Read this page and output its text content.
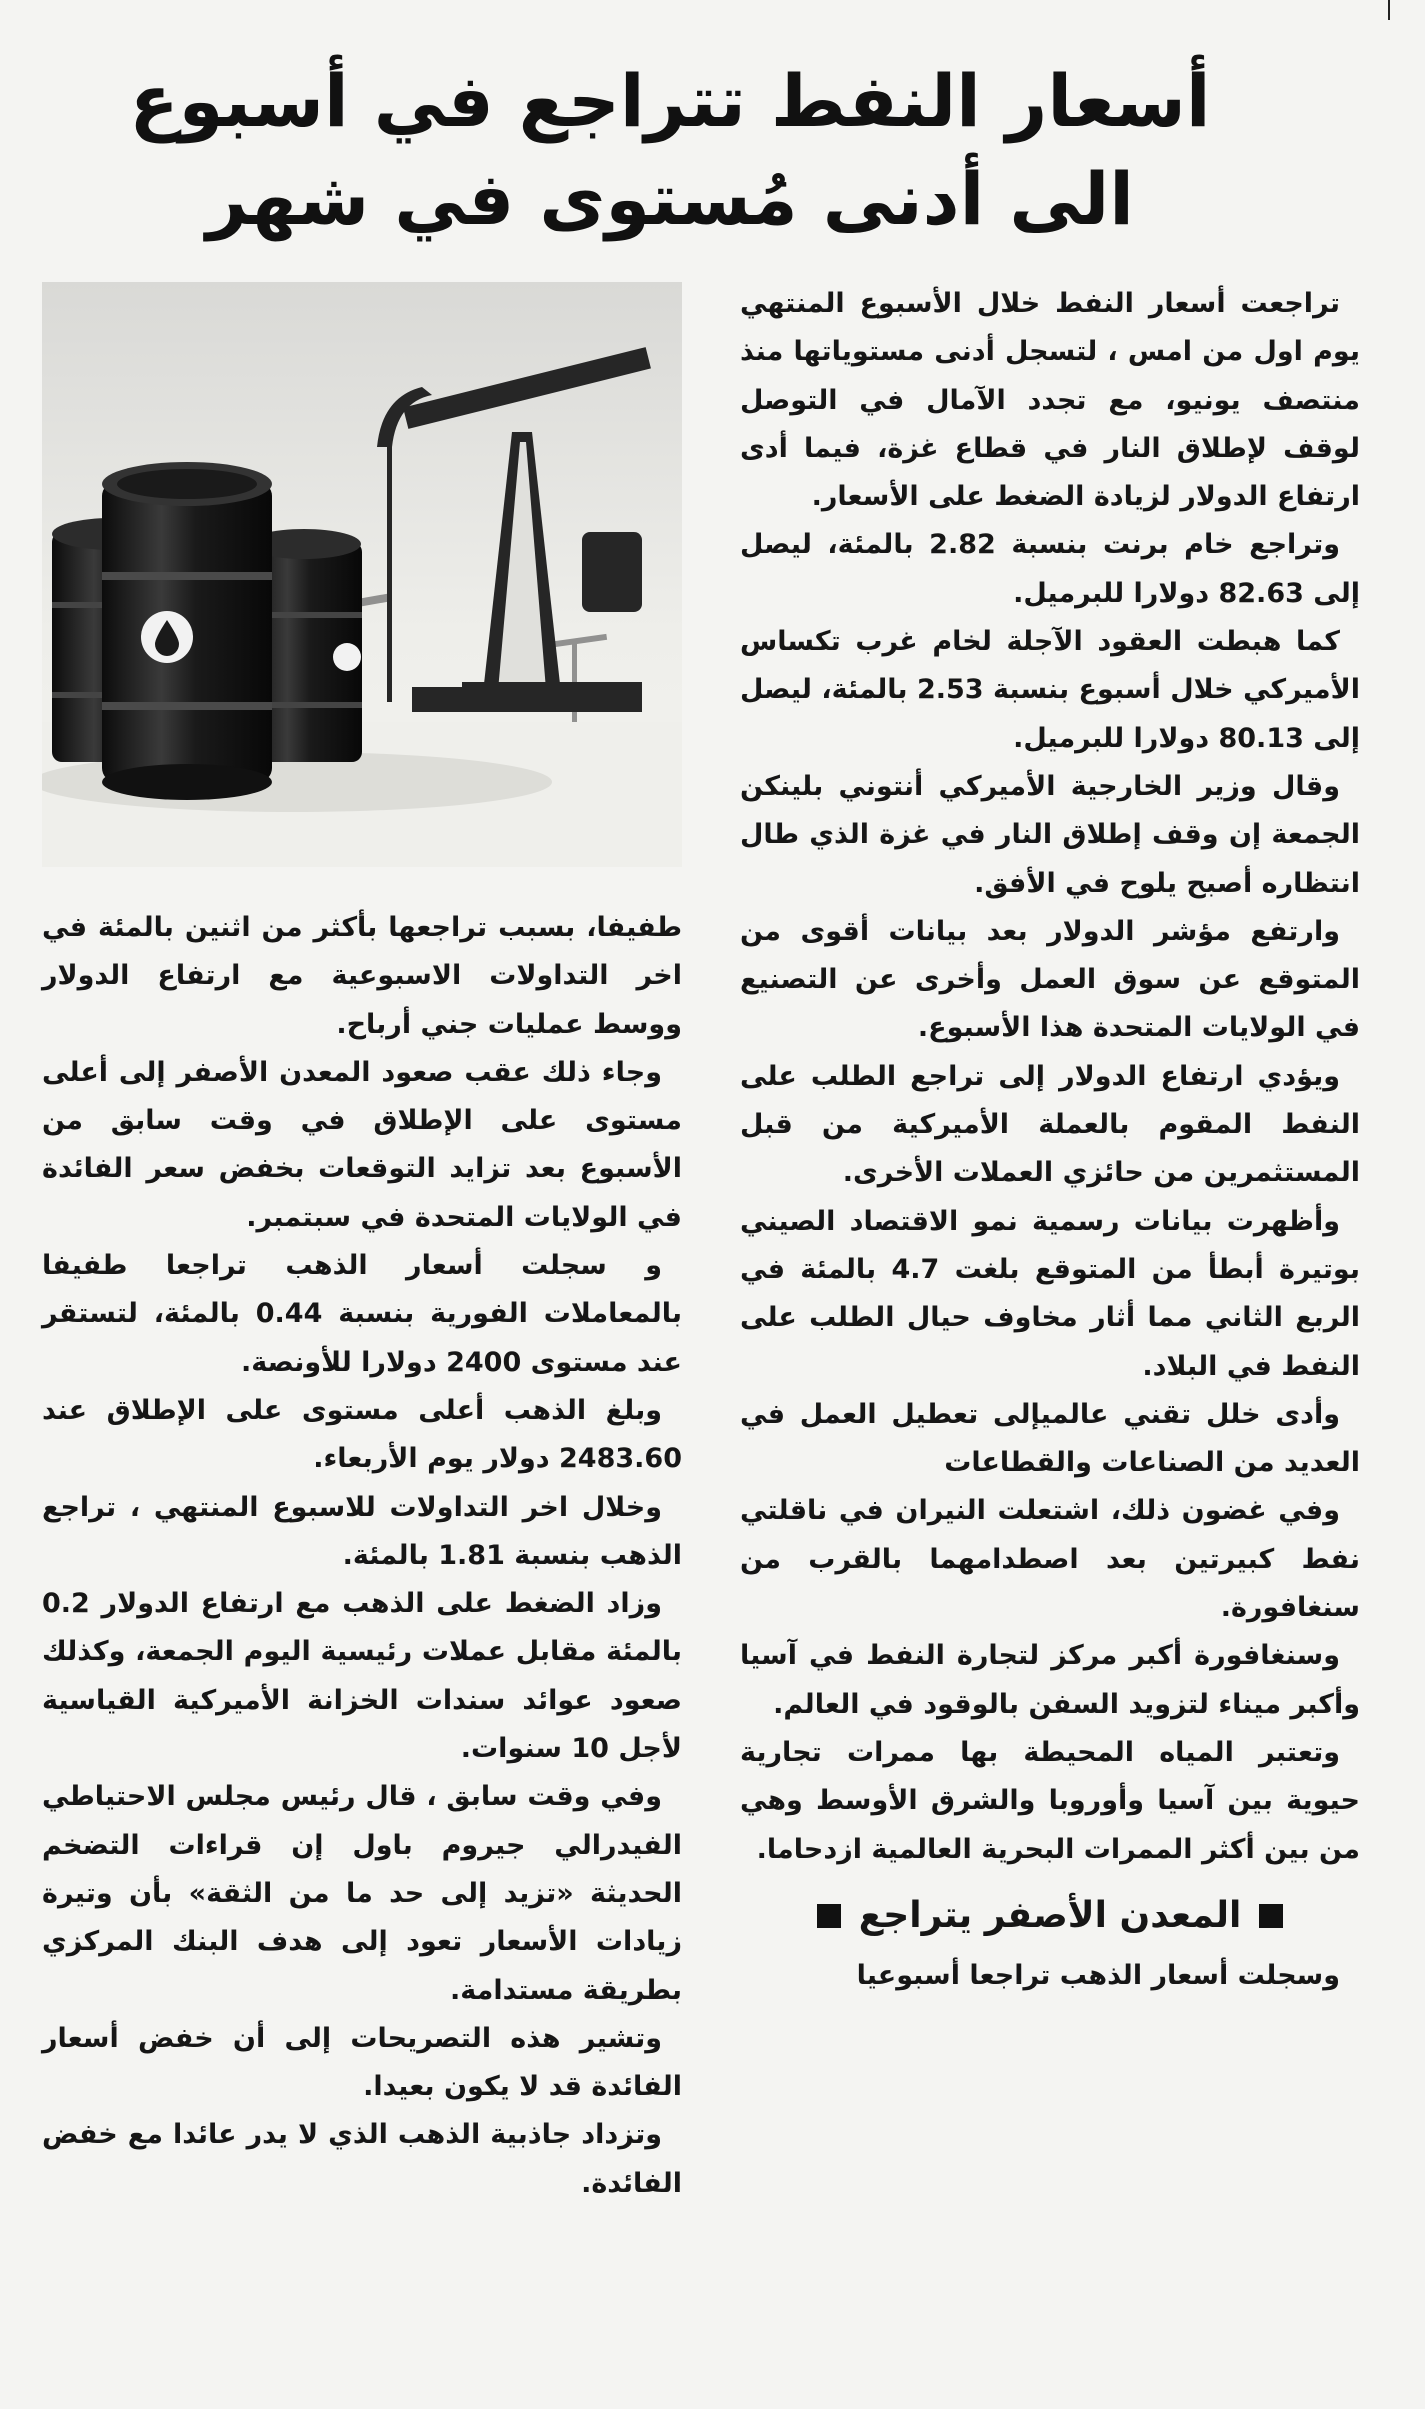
أسعار النفط تتراجع في أسبوع
الى أدنى مُستوى في شهر

تراجعت أسعار النفط خلال الأسبوع المنتهي يوم اول من امس ، لتسجل أدنى مستوياتها منذ منتصف يونيو، مع تجدد الآمال في التوصل لوقف لإطلاق النار في قطاع غزة، فيما أدى ارتفاع الدولار لزيادة الضغط على الأسعار.

وتراجع خام برنت بنسبة 2.82 بالمئة، ليصل إلى 82.63 دولارا للبرميل.

كما هبطت العقود الآجلة لخام غرب تكساس الأميركي خلال أسبوع بنسبة 2.53 بالمئة، ليصل إلى 80.13 دولارا للبرميل.

وقال وزير الخارجية الأميركي أنتوني بلينكن الجمعة إن وقف إطلاق النار في غزة الذي طال انتظاره أصبح يلوح في الأفق.

وارتفع مؤشر الدولار بعد بيانات أقوى من المتوقع عن سوق العمل وأخرى عن التصنيع في الولايات المتحدة هذا الأسبوع.

ويؤدي ارتفاع الدولار إلى تراجع الطلب على النفط المقوم بالعملة الأميركية من قبل المستثمرين من حائزي العملات الأخرى.

وأظهرت بيانات رسمية نمو الاقتصاد الصيني بوتيرة أبطأ من المتوقع بلغت 4.7 بالمئة في الربع الثاني مما أثار مخاوف حيال الطلب على النفط في البلاد.

وأدى خلل تقني عالميإلى تعطيل العمل في العديد من الصناعات والقطاعات

وفي غضون ذلك، اشتعلت النيران في ناقلتي نفط كبيرتين بعد اصطدامهما بالقرب من سنغافورة.

وسنغافورة أكبر مركز لتجارة النفط في آسيا وأكبر ميناء لتزويد السفن بالوقود في العالم.

وتعتبر المياه المحيطة بها ممرات تجارية حيوية بين آسيا وأوروبا والشرق الأوسط وهي من بين أكثر الممرات البحرية العالمية ازدحاما.

المعدن الأصفر يتراجع

وسجلت أسعار الذهب تراجعا أسبوعيا

طفيفا، بسبب تراجعها بأكثر من اثنين بالمئة في اخر التداولات الاسبوعية مع ارتفاع الدولار ووسط عمليات جني أرباح.

وجاء ذلك عقب صعود المعدن الأصفر إلى أعلى مستوى على الإطلاق في وقت سابق من الأسبوع بعد تزايد التوقعات بخفض سعر الفائدة في الولايات المتحدة في سبتمبر.

و سجلت أسعار الذهب تراجعا طفيفا بالمعاملات الفورية بنسبة 0.44 بالمئة، لتستقر عند مستوى 2400 دولارا للأونصة.

وبلغ الذهب أعلى مستوى على الإطلاق عند 2483.60 دولار يوم الأربعاء.

وخلال اخر التداولات للاسبوع المنتهي ، تراجع الذهب بنسبة 1.81 بالمئة.

وزاد الضغط على الذهب مع ارتفاع الدولار 0.2 بالمئة مقابل عملات رئيسية اليوم الجمعة، وكذلك صعود عوائد سندات الخزانة الأميركية القياسية لأجل 10 سنوات.

وفي وقت سابق ، قال رئيس مجلس الاحتياطي الفيدرالي جيروم باول إن قراءات التضخم الحديثة «تزيد إلى حد ما من الثقة» بأن وتيرة زيادات الأسعار تعود إلى هدف البنك المركزي بطريقة مستدامة.

وتشير هذه التصريحات إلى أن خفض أسعار الفائدة قد لا يكون بعيدا.

وتزداد جاذبية الذهب الذي لا يدر عائدا مع خفض الفائدة.
